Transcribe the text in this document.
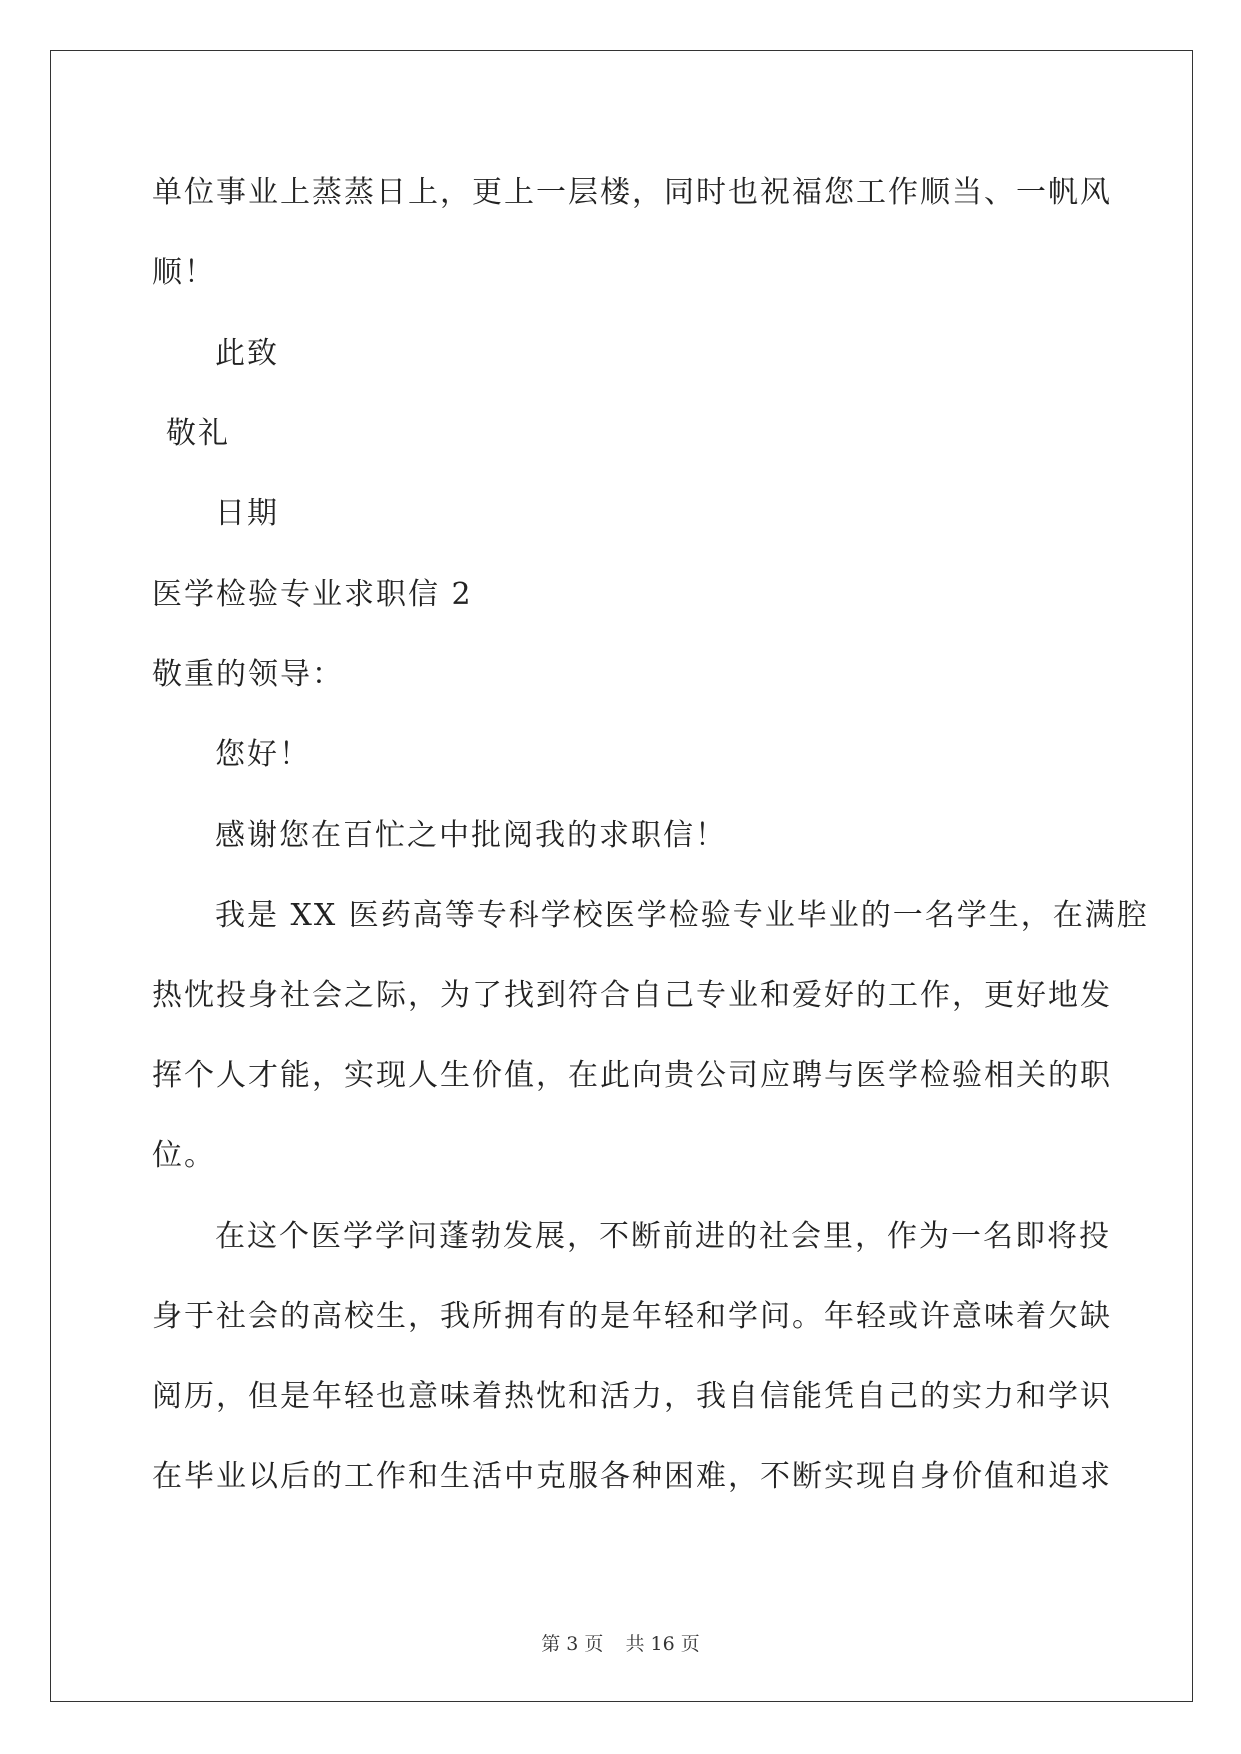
单位事业上蒸蒸日上，更上一层楼，同时也祝福您工作顺当、一帆风
顺！
此致
敬礼
日期
医学检验专业求职信 2
敬重的领导：
您好！
感谢您在百忙之中批阅我的求职信！
我是 XX 医药高等专科学校医学检验专业毕业的一名学生，在满腔
热忱投身社会之际，为了找到符合自己专业和爱好的工作，更好地发
挥个人才能，实现人生价值，在此向贵公司应聘与医学检验相关的职
位。
在这个医学学问蓬勃发展，不断前进的社会里，作为一名即将投
身于社会的高校生，我所拥有的是年轻和学问。年轻或许意味着欠缺
阅历，但是年轻也意味着热忱和活力，我自信能凭自己的实力和学识
在毕业以后的工作和生活中克服各种困难，不断实现自身价值和追求
第 3 页 共 16 页
